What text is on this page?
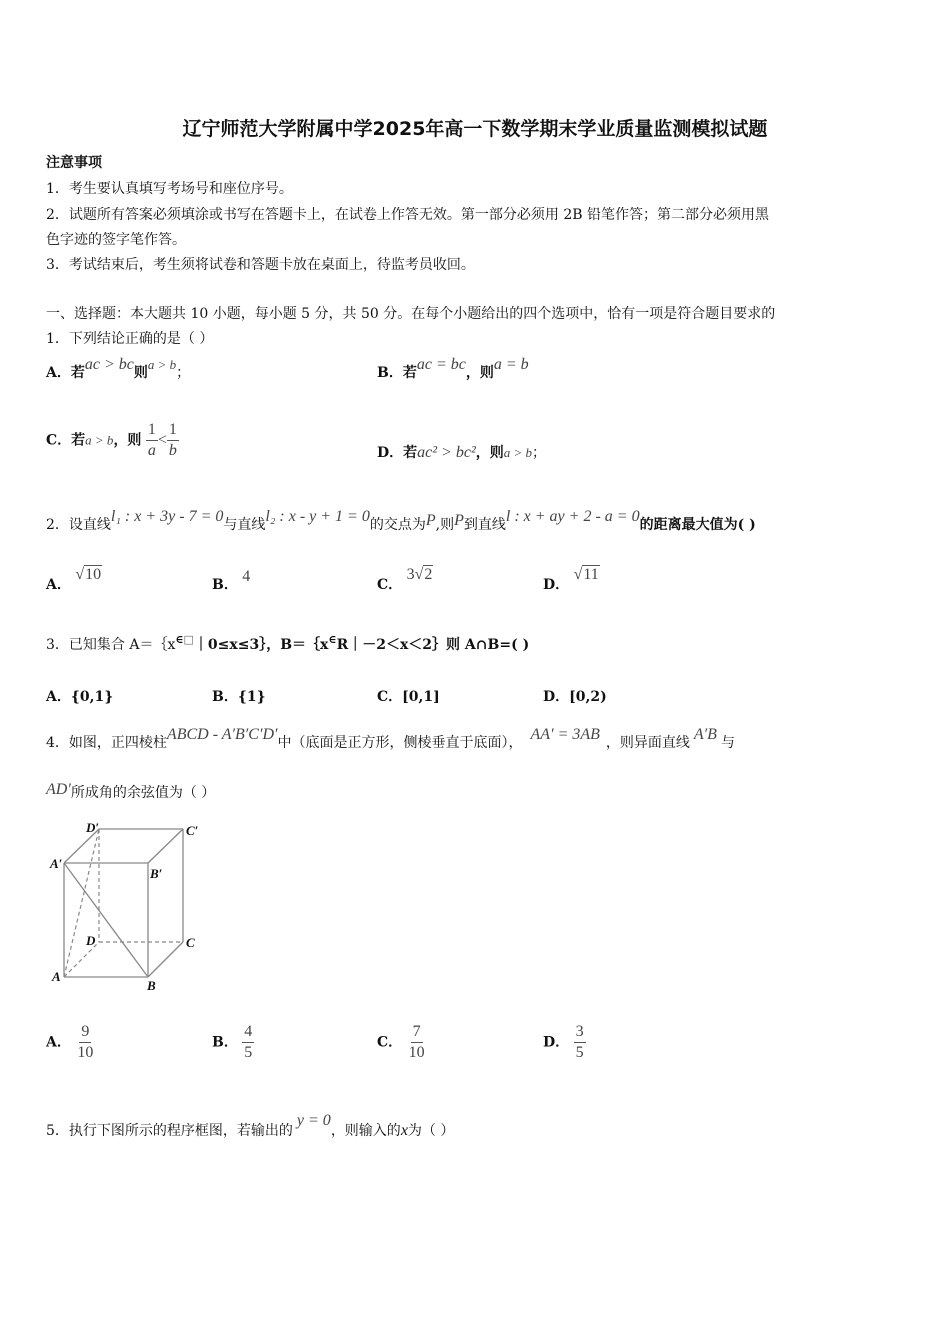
辽宁师范大学附属中学2025年高一下数学期末学业质量监测模拟试题
注意事项
1．考生要认真填写考场号和座位序号。
2．试题所有答案必须填涂或书写在答题卡上，在试卷上作答无效。第一部分必须用 2B 铅笔作答；第二部分必须用黑
色字迹的签字笔作答。
3．考试结束后，考生须将试卷和答题卡放在桌面上，待监考员收回。
一、选择题：本大题共 10 小题，每小题 5 分，共 50 分。在每个小题给出的四个选项中，恰有一项是符合题目要求的
1．下列结论正确的是（ ）
A．若ac > bc则a > b；	B．若ac = bc，则a = b
C．若a > b，则 $\frac{1}{a} < \frac{1}{b}$	D．若ac² > bc²，则a > b；
2．设直线l₁ : x + 3y - 7 = 0与直线l₂ : x - y + 1 = 0的交点为P,则P到直线l : x + ay + 2 - a = 0的距离最大值为( )
A． √10
B． 4	C． 3√2
D． √11
3．已知集合 A＝｛x∈□｜0≤x≤3｝，B＝｛x∈R｜－2＜x＜2｝则 A∩B=( )
A．{0,1}	B．{1}	C．[0,1]	D．[0,2)
4．如图，正四棱柱ABCD - A′B′C′D′中（底面是正方形，侧棱垂直于底面）， AA′ = 3AB ，则异面直线 A′B 与
AD′所成角的余弦值为（ ）
D′	C′
A′
B′
D	C
A
B
A． $\frac{9}{10}$	B． $\frac{4}{5}$	C． $\frac{7}{10}$	D． $\frac{3}{5}$
5．执行下图所示的程序框图，若输出的y = 0，则输入的x为（ ）
